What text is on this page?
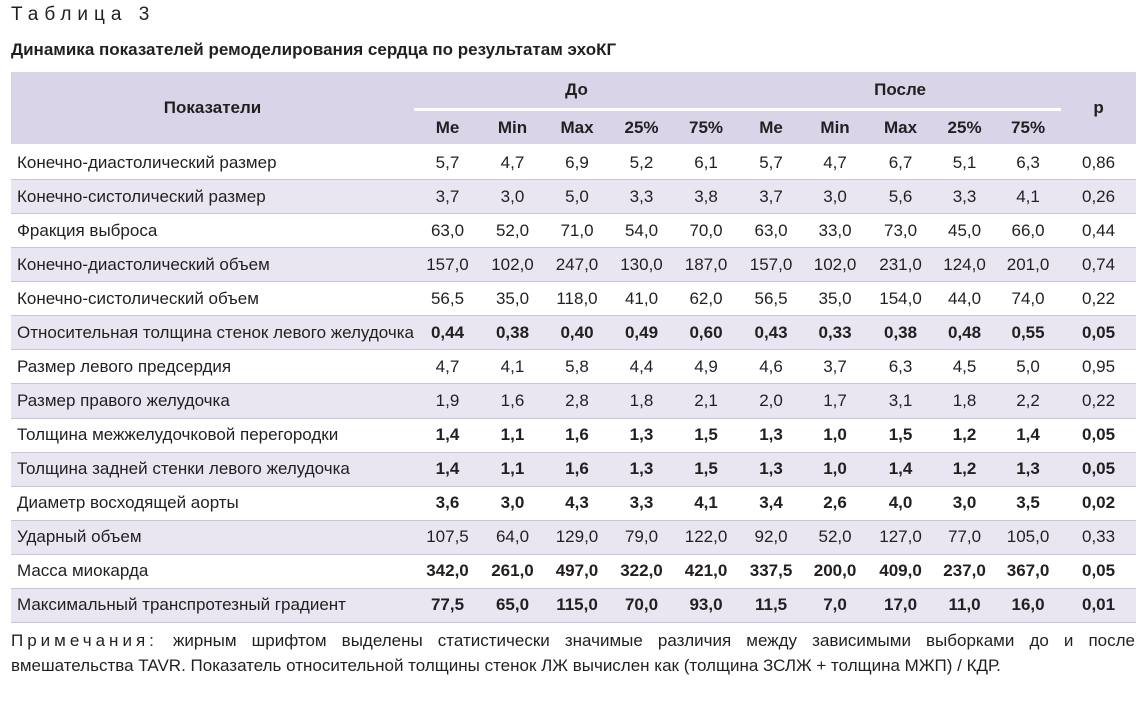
Таблица 3
Динамика показателей ремоделирования сердца по результатам эхоКГ
Показатели	До					После					p
	Me	Min	Max	25%	75%	Me	Min	Max	25%	75%	
Конечно-диастолический размер	5,7	4,7	6,9	5,2	6,1	5,7	4,7	6,7	5,1	6,3	0,86
Конечно-систолический размер	3,7	3,0	5,0	3,3	3,8	3,7	3,0	5,6	3,3	4,1	0,26
Фракция выброса	63,0	52,0	71,0	54,0	70,0	63,0	33,0	73,0	45,0	66,0	0,44
Конечно-диастолический объем	157,0	102,0	247,0	130,0	187,0	157,0	102,0	231,0	124,0	201,0	0,74
Конечно-систолический объем	56,5	35,0	118,0	41,0	62,0	56,5	35,0	154,0	44,0	74,0	0,22
Относительная толщина стенок левого желудочка	0,44	0,38	0,40	0,49	0,60	0,43	0,33	0,38	0,48	0,55	0,05
Размер левого предсердия	4,7	4,1	5,8	4,4	4,9	4,6	3,7	6,3	4,5	5,0	0,95
Размер правого желудочка	1,9	1,6	2,8	1,8	2,1	2,0	1,7	3,1	1,8	2,2	0,22
Толщина межжелудочковой перегородки	1,4	1,1	1,6	1,3	1,5	1,3	1,0	1,5	1,2	1,4	0,05
Толщина задней стенки левого желудочка	1,4	1,1	1,6	1,3	1,5	1,3	1,0	1,4	1,2	1,3	0,05
Диаметр восходящей аорты	3,6	3,0	4,3	3,3	4,1	3,4	2,6	4,0	3,0	3,5	0,02
Ударный объем	107,5	64,0	129,0	79,0	122,0	92,0	52,0	127,0	77,0	105,0	0,33
Масса миокарда	342,0	261,0	497,0	322,0	421,0	337,5	200,0	409,0	237,0	367,0	0,05
Максимальный транспротезный градиент	77,5	65,0	115,0	70,0	93,0	11,5	7,0	17,0	11,0	16,0	0,01
Примечания: жирным шрифтом выделены статистически значимые различия между зависимыми выборками до и после вмешательства TAVR. Показатель относительной толщины стенок ЛЖ вычислен как (толщина ЗСЛЖ + толщина МЖП) / КДР.
